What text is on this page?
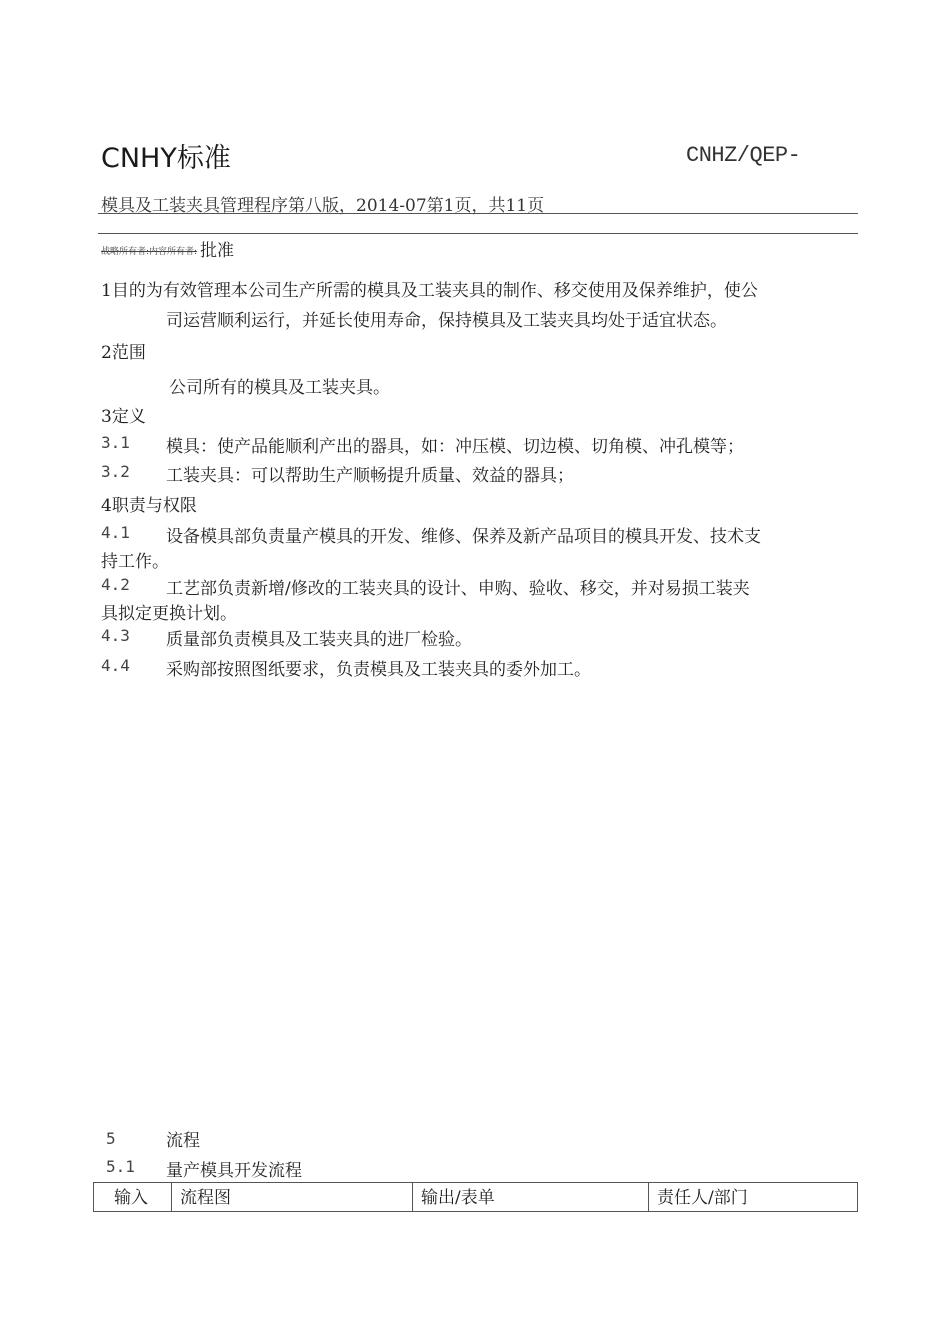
CNHY标准	CNHZ/QEP-
模具及工装夹具管理程序第八版，2014-07第1页，共11页
战略所有者:内容所有者: 批准
1目的为有效管理本公司生产所需的模具及工装夹具的制作、移交使用及保养维护，使公
司运营顺利运行，并延长使用寿命，保持模具及工装夹具均处于适宜状态。
2范围
公司所有的模具及工装夹具。
3定义
3.1 模具：使产品能顺利产出的器具，如：冲压模、切边模、切角模、冲孔模等；
3.2 工装夹具：可以帮助生产顺畅提升质量、效益的器具；
4职责与权限
4.1 设备模具部负责量产模具的开发、维修、保养及新产品项目的模具开发、技术支
持工作。
4.2 工艺部负责新增/修改的工装夹具的设计、申购、验收、移交，并对易损工装夹
具拟定更换计划。
4.3 质量部负责模具及工装夹具的进厂检验。
4.4 采购部按照图纸要求，负责模具及工装夹具的委外加工。
5	流程
5.1 量产模具开发流程
输入	流程图	输出/表单	责任人/部门
